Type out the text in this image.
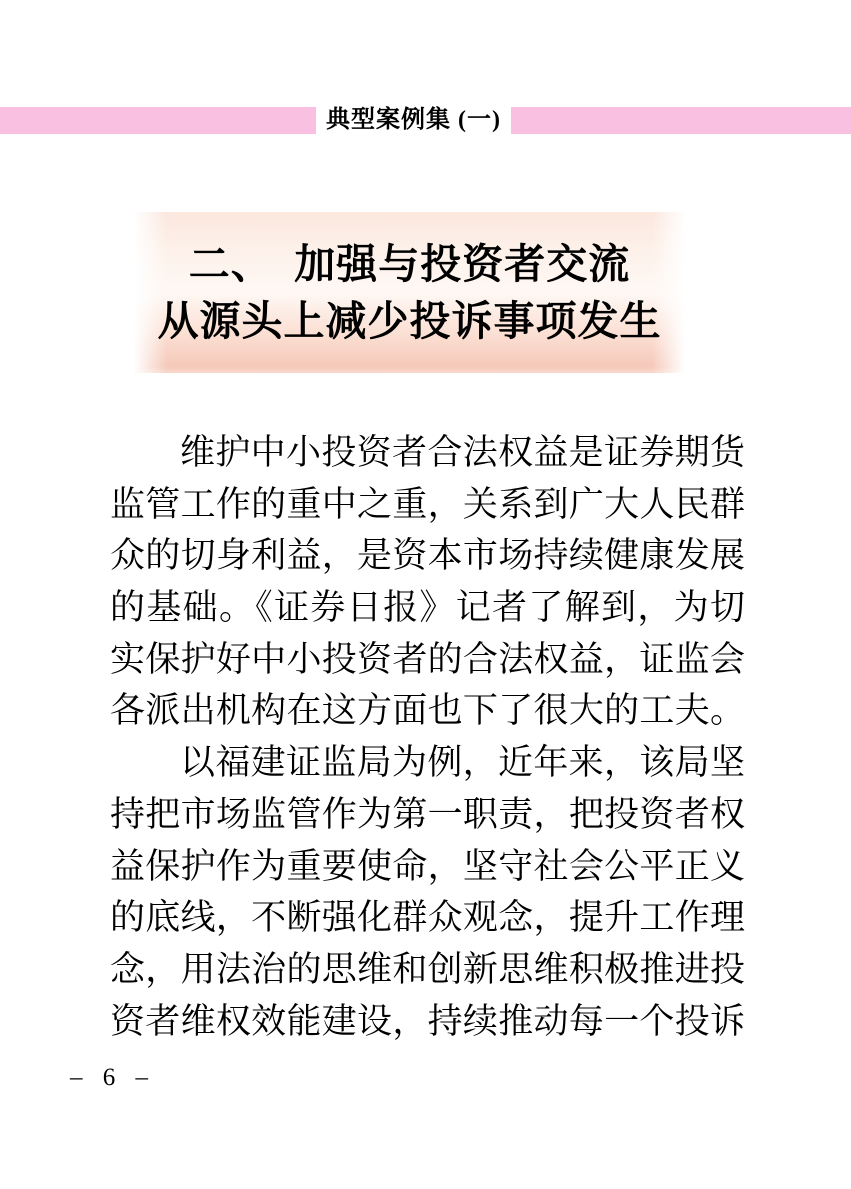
典型案例集 (一)
二、　加强与投资者交流
从源头上减少投诉事项发生
维护中小投资者合法权益是证券期货
监管工作的重中之重，关系到广大人民群
众的切身利益，是资本市场持续健康发展
的基础。《证券日报》记者了解到，为切
实保护好中小投资者的合法权益，证监会
各派出机构在这方面也下了很大的工夫。
以福建证监局为例，近年来，该局坚
持把市场监管作为第一职责，把投资者权
益保护作为重要使命，坚守社会公平正义
的底线，不断强化群众观念，提升工作理
念，用法治的思维和创新思维积极推进投
资者维权效能建设，持续推动每一个投诉
– 6 –
